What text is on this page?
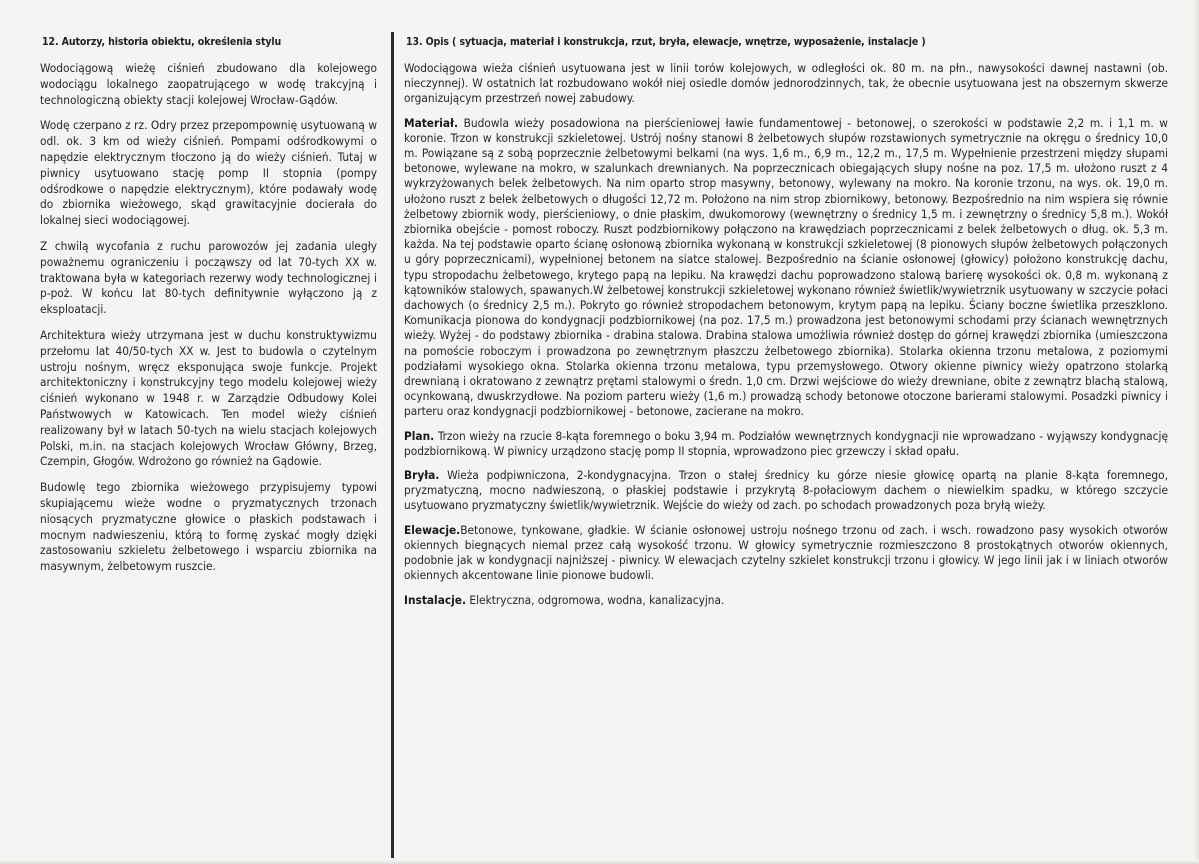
12. Autorzy, historia obiektu, określenia stylu

Wodociągową wieżę ciśnień zbudowano dla kolejowego wodociągu lokalnego zaopatrującego w wodę trakcyjną i technologiczną obiekty stacji kolejowej Wrocław-Gądów.

Wodę czerpano z rz. Odry przez przepompownię usytuowaną w odl. ok. 3 km od wieży ciśnień. Pompami odśrodkowymi o napędzie elektrycznym tłoczono ją do wieży ciśnień. Tutaj w piwnicy usytuowano stację pomp II stopnia (pompy odśrodkowe o napędzie elektrycznym), które podawały wodę do zbiornika wieżowego, skąd grawitacyjnie docierała do lokalnej sieci wodociągowej.

Z chwilą wycofania z ruchu parowozów jej zadania uległy poważnemu ograniczeniu i począwszy od lat 70-tych XX w. traktowana była w kategoriach rezerwy wody technologicznej i p-poż. W końcu lat 80-tych definitywnie wyłączono ją z eksploatacji.

Architektura wieży utrzymana jest w duchu konstruktywizmu przełomu lat 40/50-tych XX w. Jest to budowla o czytelnym ustroju nośnym, wręcz eksponująca swoje funkcje. Projekt architektoniczny i konstrukcyjny tego modelu kolejowej wieży ciśnień wykonano w 1948 r. w Zarządzie Odbudowy Kolei Państwowych w Katowicach. Ten model wieży ciśnień realizowany był w latach 50-tych na wielu stacjach kolejowych Polski, m.in. na stacjach kolejowych Wrocław Główny, Brzeg, Czempin, Głogów. Wdrożono go również na Gądowie.

Budowlę tego zbiornika wieżowego przypisujemy typowi skupiającemu wieże wodne o pryzmatycznych trzonach niosących pryzmatyczne głowice o płaskich podstawach i mocnym nadwieszeniu, którą to formę zyskać mogły dzięki zastosowaniu szkieletu żelbetowego i wsparciu zbiornika na masywnym, żelbetowym ruszcie.

13. Opis ( sytuacja, materiał i konstrukcja, rzut, bryła, elewacje, wnętrze, wyposażenie, instalacje )

Wodociągowa wieża ciśnień usytuowana jest w linii torów kolejowych, w odległości ok. 80 m. na płn., nawysokości dawnej nastawni (ob. nieczynnej). W ostatnich lat rozbudowano wokół niej osiedle domów jednorodzinnych, tak, że obecnie usytuowana jest na obszernym skwerze organizującym przestrzeń nowej zabudowy.

Materiał. Budowla wieży posadowiona na pierścieniowej ławie fundamentowej - betonowej, o szerokości w podstawie 2,2 m. i 1,1 m. w koronie. Trzon w konstrukcji szkieletowej. Ustrój nośny stanowi 8 żelbetowych słupów rozstawionych symetrycznie na okręgu o średnicy 10,0 m. Powiązane są z sobą poprzecznie żelbetowymi belkami (na wys. 1,6 m., 6,9 m., 12,2 m., 17,5 m. Wypełnienie przestrzeni między słupami betonowe, wylewane na mokro, w szalunkach drewnianych. Na poprzecznicach obiegających słupy nośne na poz. 17,5 m. ułożono ruszt z 4 wykrzyżowanych belek żelbetowych. Na nim oparto strop masywny, betonowy, wylewany na mokro. Na koronie trzonu, na wys. ok. 19,0 m. ułożono ruszt z belek żelbetowych o długości 12,72 m. Położono na nim strop zbiornikowy, betonowy. Bezpośrednio na nim wspiera się równie żelbetowy zbiornik wody, pierścieniowy, o dnie płaskim, dwukomorowy (wewnętrzny o średnicy 1,5 m. i zewnętrzny o średnicy 5,8 m.). Wokół zbiornika obejście - pomost roboczy. Ruszt podzbiornikowy połączono na krawędziach poprzecznicami z belek żelbetowych o dług. ok. 5,3 m. każda. Na tej podstawie oparto ścianę osłonową zbiornika wykonaną w konstrukcji szkieletowej (8 pionowych słupów żelbetowych połączonych u góry poprzecznicami), wypełnionej betonem na siatce stalowej. Bezpośrednio na ścianie osłonowej (głowicy) położono konstrukcję dachu, typu stropodachu żelbetowego, krytego papą na lepiku. Na krawędzi dachu poprowadzono stalową barierę wysokości ok. 0,8 m. wykonaną z kątowników stalowych, spawanych.W żelbetowej konstrukcji szkieletowej wykonano również świetlik/wywietrznik usytuowany w szczycie połaci dachowych (o średnicy 2,5 m.). Pokryto go również stropodachem betonowym, krytym papą na lepiku. Ściany boczne świetlika przeszklono. Komunikacja pionowa do kondygnacji podzbiornikowej (na poz. 17,5 m.) prowadzona jest betonowymi schodami przy ścianach wewnętrznych wieży. Wyżej - do podstawy zbiornika - drabina stalowa. Drabina stalowa umożliwia również dostęp do górnej krawędzi zbiornika (umieszczona na pomoście roboczym i prowadzona po zewnętrznym płaszczu żelbetowego zbiornika). Stolarka okienna trzonu metalowa, z poziomymi podziałami wysokiego okna. Stolarka okienna trzonu metalowa, typu przemysłowego. Otwory okienne piwnicy wieży opatrzono stolarką drewnianą i okratowano z zewnątrz prętami stalowymi o średn. 1,0 cm. Drzwi wejściowe do wieży drewniane, obite z zewnątrz blachą stalową, ocynkowaną, dwuskrzydłowe. Na poziom parteru wieży (1,6 m.) prowadzą schody betonowe otoczone barierami stalowymi. Posadzki piwnicy i parteru oraz kondygnacji podzbiornikowej - betonowe, zacierane na mokro.

Plan. Trzon wieży na rzucie 8-kąta foremnego o boku 3,94 m. Podziałów wewnętrznych kondygnacji nie wprowadzano - wyjąwszy kondygnację podzbiornikową. W piwnicy urządzono stację pomp II stopnia, wprowadzono piec grzewczy i skład opału.

Bryła. Wieża podpiwniczona, 2-kondygnacyjna. Trzon o stałej średnicy ku górze niesie głowicę opartą na planie 8-kąta foremnego, pryzmatyczną, mocno nadwieszoną, o płaskiej podstawie i przykrytą 8-połaciowym dachem o niewielkim spadku, w którego szczycie usytuowano pryzmatyczny świetlik/wywietrznik. Wejście do wieży od zach. po schodach prowadzonych poza bryłą wieży.

Elewacje.Betonowe, tynkowane, gładkie. W ścianie osłonowej ustroju nośnego trzonu od zach. i wsch. rowadzono pasy wysokich otworów okiennych biegnących niemal przez całą wysokość trzonu. W głowicy symetrycznie rozmieszczono 8 prostokątnych otworów okiennych, podobnie jak w kondygnacji najniższej - piwnicy. W elewacjach czytelny szkielet konstrukcji trzonu i głowicy. W jego linii jak i w liniach otworów okiennych akcentowane linie pionowe budowli.

Instalacje. Elektryczna, odgromowa, wodna, kanalizacyjna.
